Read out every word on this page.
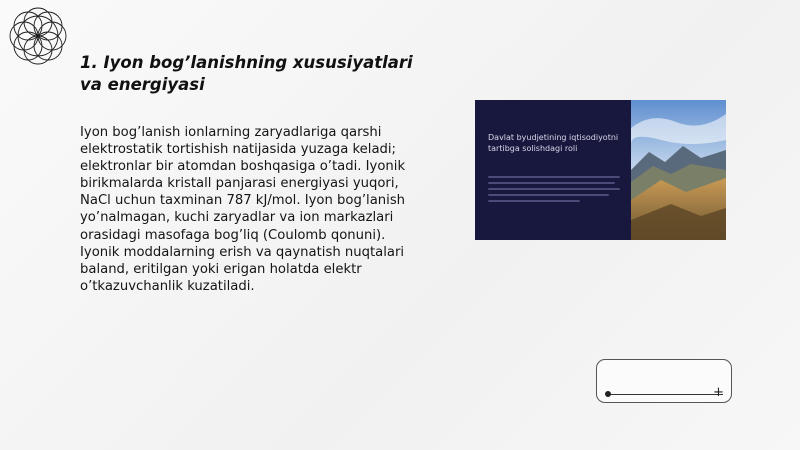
1. Iyon bog’lanishning xususiyatlari va energiyasi

Iyon bog’lanish ionlarning zaryadlariga qarshi elektrostatik tortishish natijasida yuzaga keladi; elektronlar bir atomdan boshqasiga o’tadi. Iyonik birikmalarda kristall panjarasi energiyasi yuqori, NaCl uchun taxminan 787 kJ/mol. Iyon bog’lanish yo’nalmagan, kuchi zaryadlar va ion markazlari orasidagi masofaga bog’liq (Coulomb qonuni). Iyonik moddalarning erish va qaynatish nuqtalari baland, eritilgan yoki erigan holatda elektr o’tkazuvchanlik kuzatiladi.

Davlat byudjetining iqtisodiyotni tartibga solishdagi roli
+
